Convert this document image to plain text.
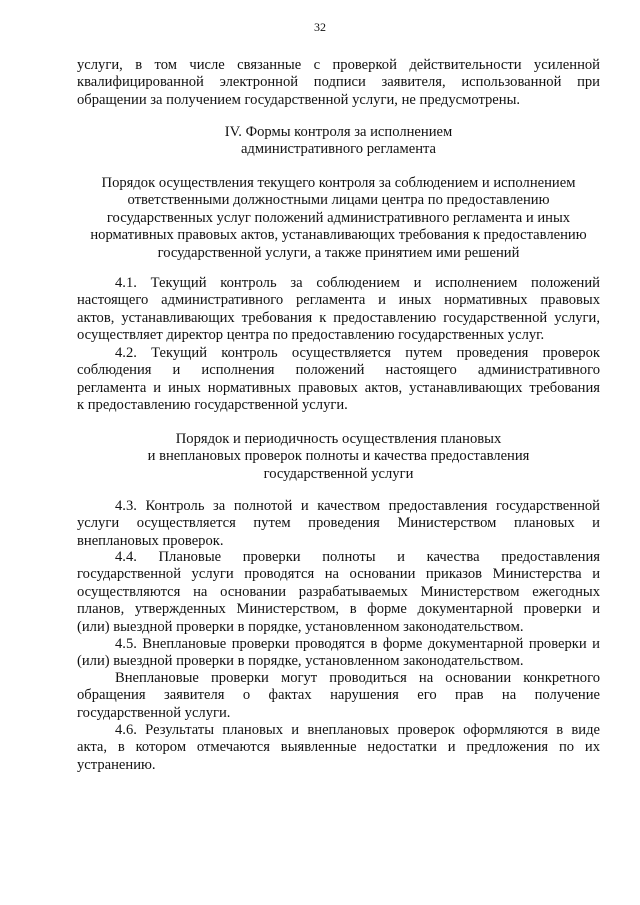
32
услуги, в том числе связанные с проверкой действительности усиленной
квалифицированной электронной подписи заявителя, использованной при
обращении за получением государственной услуги, не предусмотрены.
IV. Формы контроля за исполнением
административного регламента
Порядок осуществления текущего контроля за соблюдением и исполнением
ответственными должностными лицами центра по предоставлению
государственных услуг положений административного регламента и иных
нормативных правовых актов, устанавливающих требования к предоставлению
государственной услуги, а также принятием ими решений
4.1. Текущий контроль за соблюдением и исполнением положений
настоящего административного регламента и иных нормативных правовых
актов, устанавливающих требования к предоставлению государственной услуги,
осуществляет директор центра по предоставлению государственных услуг.
4.2. Текущий контроль осуществляется путем проведения проверок
соблюдения и исполнения положений настоящего административного
регламента и иных нормативных правовых актов, устанавливающих требования
к предоставлению государственной услуги.
Порядок и периодичность осуществления плановых
и внеплановых проверок полноты и качества предоставления
государственной услуги
4.3. Контроль за полнотой и качеством предоставления государственной
услуги осуществляется путем проведения Министерством плановых и
внеплановых проверок.
4.4. Плановые проверки полноты и качества предоставления
государственной услуги проводятся на основании приказов Министерства и
осуществляются на основании разрабатываемых Министерством ежегодных
планов, утвержденных Министерством, в форме документарной проверки и
(или) выездной проверки в порядке, установленном законодательством.
4.5. Внеплановые проверки проводятся в форме документарной проверки и
(или) выездной проверки в порядке, установленном законодательством.
Внеплановые проверки могут проводиться на основании конкретного
обращения заявителя о фактах нарушения его прав на получение
государственной услуги.
4.6. Результаты плановых и внеплановых проверок оформляются в виде
акта, в котором отмечаются выявленные недостатки и предложения по их
устранению.
